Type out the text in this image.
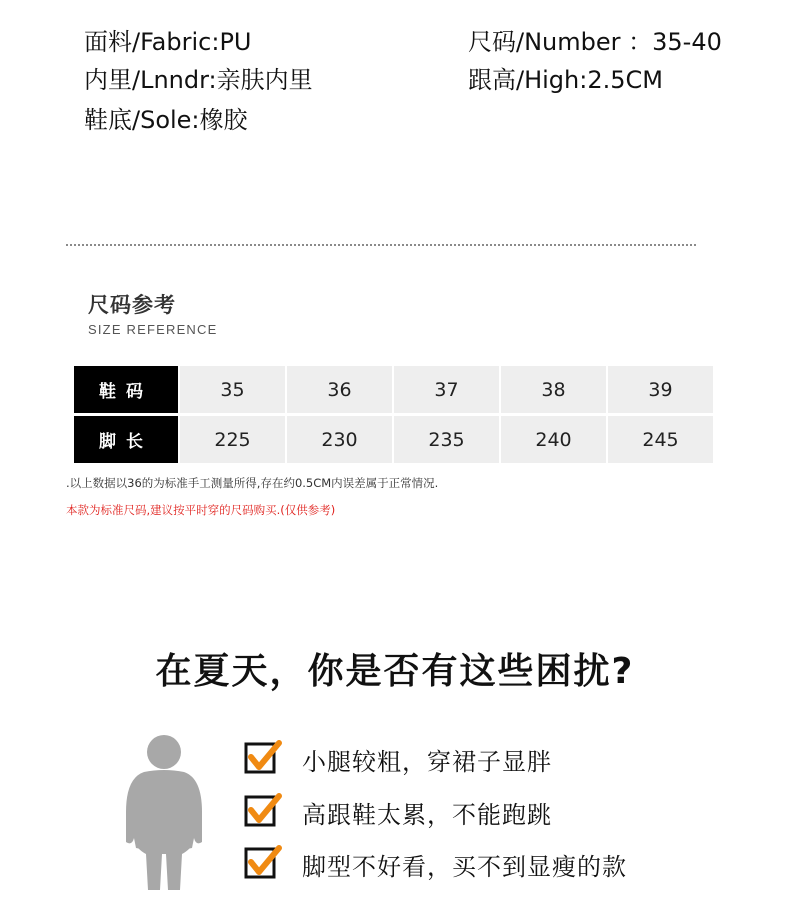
面料/Fabric:PU
内里/Lnndr:亲肤内里
鞋底/Sole:橡胶
尺码/Number ：35-40
跟高/High:2.5CM
尺码参考
SIZE REFERENCE
鞋码	35	36	37	38	39
脚长	225	230	235	240	245
.以上数据以36的为标准手工测量所得,存在约0.5CM内误差属于正常情况.
本款为标准尺码,建议按平时穿的尺码购买.(仅供参考)
在夏天，你是否有这些困扰?
小腿较粗，穿裙子显胖
高跟鞋太累，不能跑跳
脚型不好看，买不到显瘦的款
